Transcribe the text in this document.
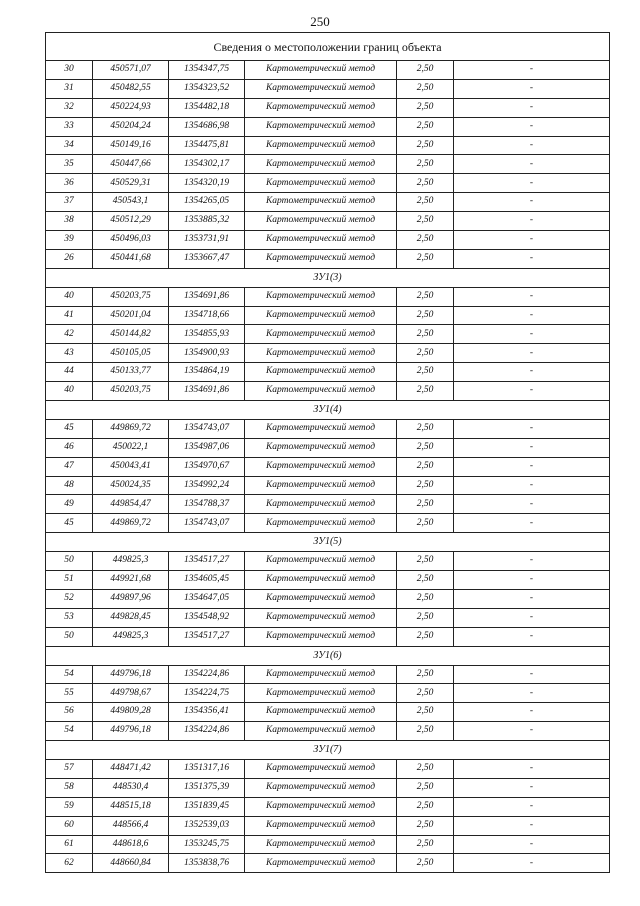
250
Сведения о местоположении границ объекта					
30	450571,07	1354347,75	Картометрический метод	2,50	-
31	450482,55	1354323,52	Картометрический метод	2,50	-
32	450224,93	1354482,18	Картометрический метод	2,50	-
33	450204,24	1354686,98	Картометрический метод	2,50	-
34	450149,16	1354475,81	Картометрический метод	2,50	-
35	450447,66	1354302,17	Картометрический метод	2,50	-
36	450529,31	1354320,19	Картометрический метод	2,50	-
37	450543,1	1354265,05	Картометрический метод	2,50	-
38	450512,29	1353885,32	Картометрический метод	2,50	-
39	450496,03	1353731,91	Картометрический метод	2,50	-
26	450441,68	1353667,47	Картометрический метод	2,50	-
ЗУ1(3)					
40	450203,75	1354691,86	Картометрический метод	2,50	-
41	450201,04	1354718,66	Картометрический метод	2,50	-
42	450144,82	1354855,93	Картометрический метод	2,50	-
43	450105,05	1354900,93	Картометрический метод	2,50	-
44	450133,77	1354864,19	Картометрический метод	2,50	-
40	450203,75	1354691,86	Картометрический метод	2,50	-
ЗУ1(4)					
45	449869,72	1354743,07	Картометрический метод	2,50	-
46	450022,1	1354987,06	Картометрический метод	2,50	-
47	450043,41	1354970,67	Картометрический метод	2,50	-
48	450024,35	1354992,24	Картометрический метод	2,50	-
49	449854,47	1354788,37	Картометрический метод	2,50	-
45	449869,72	1354743,07	Картометрический метод	2,50	-
ЗУ1(5)					
50	449825,3	1354517,27	Картометрический метод	2,50	-
51	449921,68	1354605,45	Картометрический метод	2,50	-
52	449897,96	1354647,05	Картометрический метод	2,50	-
53	449828,45	1354548,92	Картометрический метод	2,50	-
50	449825,3	1354517,27	Картометрический метод	2,50	-
ЗУ1(6)					
54	449796,18	1354224,86	Картометрический метод	2,50	-
55	449798,67	1354224,75	Картометрический метод	2,50	-
56	449809,28	1354356,41	Картометрический метод	2,50	-
54	449796,18	1354224,86	Картометрический метод	2,50	-
ЗУ1(7)					
57	448471,42	1351317,16	Картометрический метод	2,50	-
58	448530,4	1351375,39	Картометрический метод	2,50	-
59	448515,18	1351839,45	Картометрический метод	2,50	-
60	448566,4	1352539,03	Картометрический метод	2,50	-
61	448618,6	1353245,75	Картометрический метод	2,50	-
62	448660,84	1353838,76	Картометрический метод	2,50	-
